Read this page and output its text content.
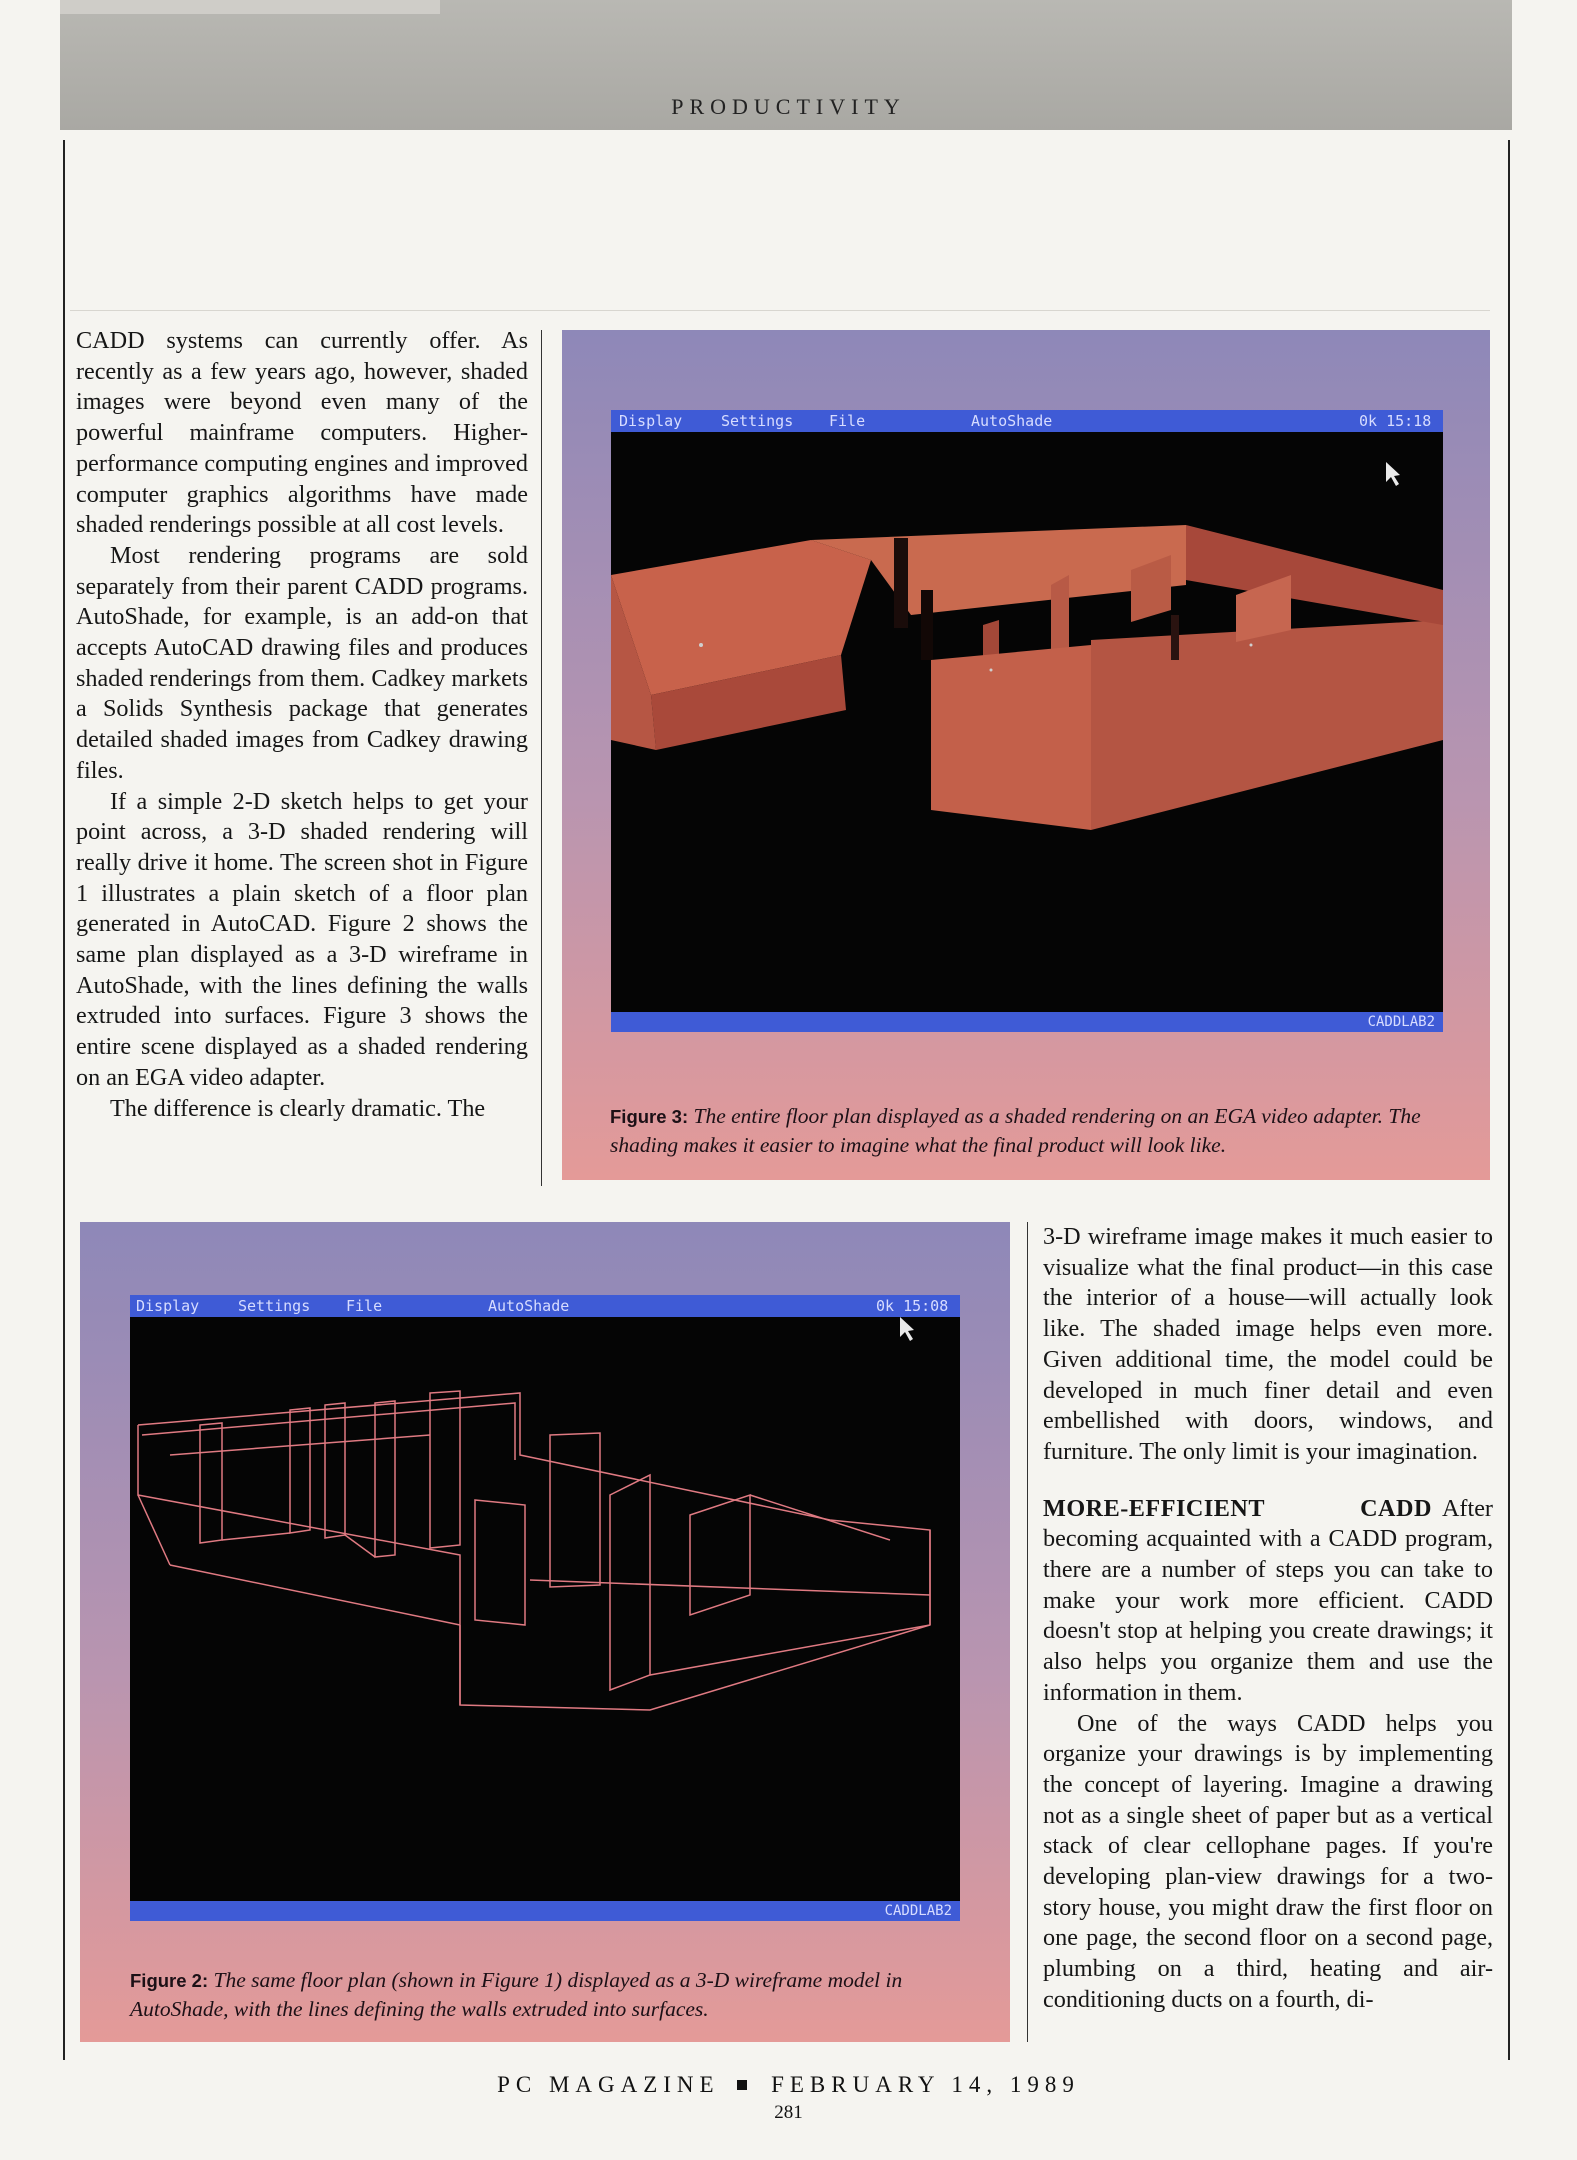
PRODUCTIVITY

CADD systems can currently offer. As recently as a few years ago, however, shaded images were beyond even many of the powerful mainframe computers. Higher-performance computing engines and improved computer graphics algorithms have made shaded renderings possible at all cost levels.

Most rendering programs are sold separately from their parent CADD programs. AutoShade, for example, is an add-on that accepts AutoCAD drawing files and produces shaded renderings from them. Cadkey markets a Solids Synthesis package that generates detailed shaded images from Cadkey drawing files.

If a simple 2-D sketch helps to get your point across, a 3-D shaded rendering will really drive it home. The screen shot in Figure 1 illustrates a plain sketch of a floor plan generated in AutoCAD. Figure 2 shows the same plan displayed as a 3-D wireframe in AutoShade, with the lines defining the walls extruded into surfaces. Figure 3 shows the entire scene displayed as a shaded rendering on an EGA video adapter.

The difference is clearly dramatic. The

Display	Settings File	AutoShade	0k 15:18
CADDLAB2
Figure 3: The entire floor plan displayed as a shaded rendering on an EGA video adapter. The shading makes it easier to imagine what the final product will look like.
Display	Settings File	AutoShade	0k 15:08
CADDLAB2
Figure 2: The same floor plan (shown in Figure 1) displayed as a 3-D wireframe model in AutoShade, with the lines defining the walls extruded into surfaces.

3-D wireframe image makes it much easier to visualize what the final product—in this case the interior of a house—will actually look like. The shaded image helps even more. Given additional time, the model could be developed in much finer detail and even embellished with doors, windows, and furniture. The only limit is your imagination.

MORE-EFFICIENT CADD After becoming acquainted with a CADD program, there are a number of steps you can take to make your work more efficient. CADD doesn't stop at helping you create drawings; it also helps you organize them and use the information in them.

One of the ways CADD helps you organize your drawings is by implementing the concept of layering. Imagine a drawing not as a single sheet of paper but as a vertical stack of clear cellophane pages. If you're developing plan-view drawings for a two-story house, you might draw the first floor on one page, the second floor on a second page, plumbing on a third, heating and air-conditioning ducts on a fourth, di-

PC MAGAZINE FEBRUARY 14, 1989
281
